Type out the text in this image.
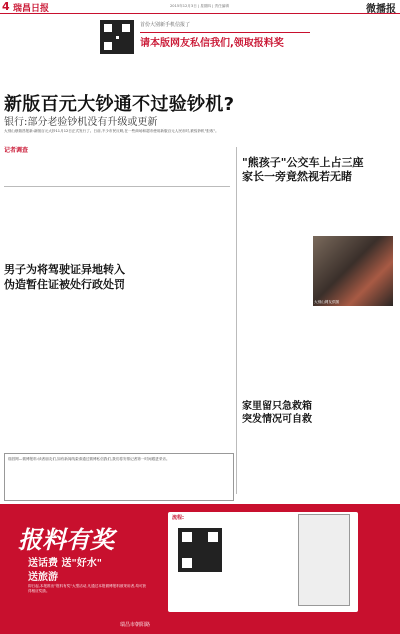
4 瑞昌日报	2015年12月3日 | 星期四 | 责任编辑	微播报
首份大别新手机信报了
请本版网友私信我们,领取报料奖
新版百元大钞通不过验钞机?
银行:部分老验钞机没有升级或更新
大别山@瑞昌报新:新版百元大钞11月12日正式发行了。日前,不少市民反映,在一些商场和超市使用新版百元人民币时,被验钞机"拒收"。
记者调查
男子为将驾驶证异地转入
伪造暂住证被处行政处罚
"熊孩子"公交车上占三座
家长一旁竟然视若无睹
大别山网友供图
家里留只急救箱
突发情况可自救
瑞昌网—微博报料:读者朋友们,如有新闻线索请通过微博私信我们,我们将安排记者第一时间跟进采访。
报料有奖
送话费 送"好水"
送旅游
即日起,本报推出"报料有奖"大型活动,凡通过本报微博报料被采用者,均可获得相应奖励。
流程:
瑞昌市朝阳路
